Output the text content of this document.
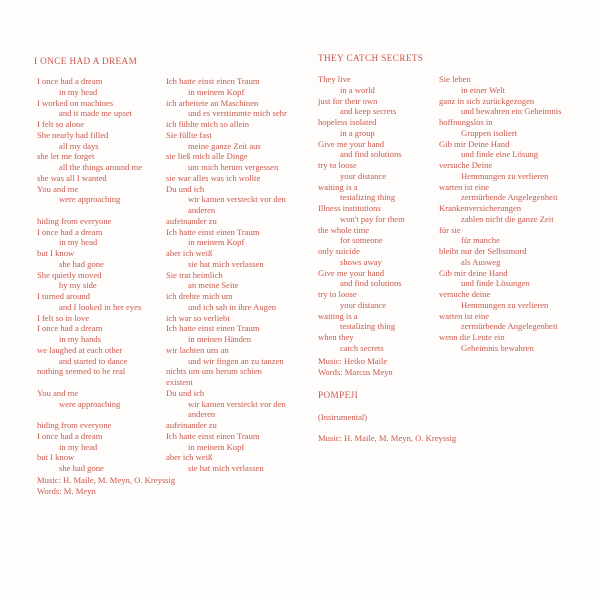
I ONCE HAD A DREAM
I once had a dream
in my head
I worked on machines
and it made me upset
I felt so alone
She nearly had filled
all my days
she let me forget
all the things around me
she was all I wanted
You and me
were approaching
hiding from everyone
I once had a dream
in my head
but I know
she had gone
She quietly moved
by my side
I turned around
and I looked in her eyes
I felt so in love
I once had a dream
in my hands
we laughed at each other
and started to dance
nothing seemed to be real
You and me
were approaching
hiding from everyone
I once had a dream
in my head
but I know
she had gone
Ich hatte einst einen Traum
in meinem Kopf
ich arbeitete an Maschinen
und es verstimmte mich sehr
ich fühlte mich so allein
Sie füllte fast
meine ganze Zeit aus
sie ließ mich alle Dinge
um mich herum vergessen
sie war alles was ich wollte
Du und ich
wir kamen versteckt vor den
anderen
aufeinander zu
Ich hatte einst einen Traum
in meinem Kopf
aber ich weiß
sie hat mich verlassen
Sie trat heimlich
an meine Seite
ich drehte mich um
und ich sah in ihre Augen
ich war so verliebt
Ich hatte einst einen Traum
in meinen Händen
wir lachten uns an
und wir fingen an zu tanzen
nichts um uns herum schien
existent
Du und ich
wir kamen versteckt vor den
anderen
aufeinander zu
Ich hatte einst einen Traum
in meinem Kopf
aber ich weiß
sie hat mich verlassen
Music: H. Maile, M. Meyn, O. Kreyssig
Words: M. Meyn
THEY CATCH SECRETS
They live
in a world
just for their own
and keep secrets
hopeless isolated
in a group
Give me your hand
and find solutions
try to loose
your distance
waiting is a
testalizing thing
Illness institutions
won't pay for them
the whole time
for someone
only suicide
shows away
Give me your hand
and find solutions
try to loose
your distance
waiting is a
testalizing thing
when they
catch secrets
Sie leben
in einer Welt
ganz in sich zurückgezogen
und bewahren ein Geheimnis
hoffnungslos in
Gruppen isoliert
Gib mir Deine Hand
und finde eine Lösung
versuche Deine
Hemmungen zu verlieren
warten ist eine
zermürbende Angelegenheit
Krankenversicherungen
zahlen nicht die ganze Zeit
für sie
für manche
bleibt nur der Selbstmord
als Ausweg
Gib mir deine Hand
und finde Lösungen
versuche deine
Hemmungen zu verlieren
warten ist eine
zermürbende Angelegenheit
wenn die Leute ein
Geheimnis bewahren
Music: Heiko Maile
Words: Marcus Meyn
POMPEJI
(Instrumental)
Music: H. Maile, M. Meyn, O. Kreyssig
